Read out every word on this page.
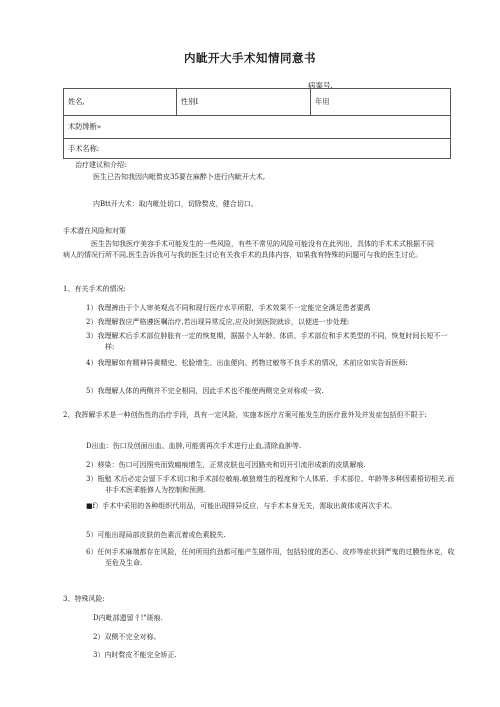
内眦开大手术知情同意书
病案号,
姓名,	性别I	年用
术防馋断»
手术名称:
治疗建议和介绍:
医生已告知我因内毗赘皮35要在麻醉卜进行内眦开大术,
内Btt开大术：取内毗处切口，切除赘皮，健合切口。
手术潜在风险和对策
医生告知我医疗美容手术可能发生的一些风险，有些不常见的风险可能没有在此列出，具体的手术术式根据不同病人的情况行所不同,医生告诉我可与我的医生讨论有关我手术的具体内容，如果我有特殊的问题可与我的医生讨论。
1、有关手术的情况:
1）我理裤由于个人审美观点不同和现行医疗水平所限，手术效果不一定能完全满足患者要禹
2）我理解我应严格遵医嘱治疗,若出现异常反应,应及时到医院就诊，以便进一步处理:
3）我理解术后手术部位肿胀有一定的恢复期，据据个人年龄、体质、手术部位和手术类型的不同，恢复时间长短不一样:
4）我理解如有精神异黄精史、松脸增生、出血便向、药物过敏等不良手术的情况，术前应如实告诉医师:
5）我理解人体的两侧并不完全相同，因此手术也不能使两侧完全对称或一致.
2、我挥解手术是一种创伤性的治疗手段，具有一定风险，实施本医疗方案可能发生的医疗意外及并发症包括但不限于:
D出血：伤口及创面出血、血肿,可能需再次手术进行止血,清除血肿等.
2）移染：伤口可因照央而致瘢痕增生，正常皮肤也可因路央和切开引流形成新的皮肌解痕.
3）瓶勉 术后必定会留下手术切口和手术部位敏痕.敏狼增生的程度和个人体质、手术部位、年龄等多种因素梧切相关.而非手术医乖能修人为控制和预测.
■f）手术中采用的各种组织代用品，可能出现排异反应，与手术本身无关，需取出黄体或再次手术。
5）可能出现局部皮肤的色素沉着或色素脱失.
6）任何手术麻端都存在风险，任何所用约劲都可能产生剧作用，包括轻度的恶心、皮疹等症状到严鬼的过膜性休克，收至危及生命.
3、特殊风险:
D内毗部遗留彳!"斑痕.
2）双侧不完全对称。
3）内时赘皮不能完全矫正.
